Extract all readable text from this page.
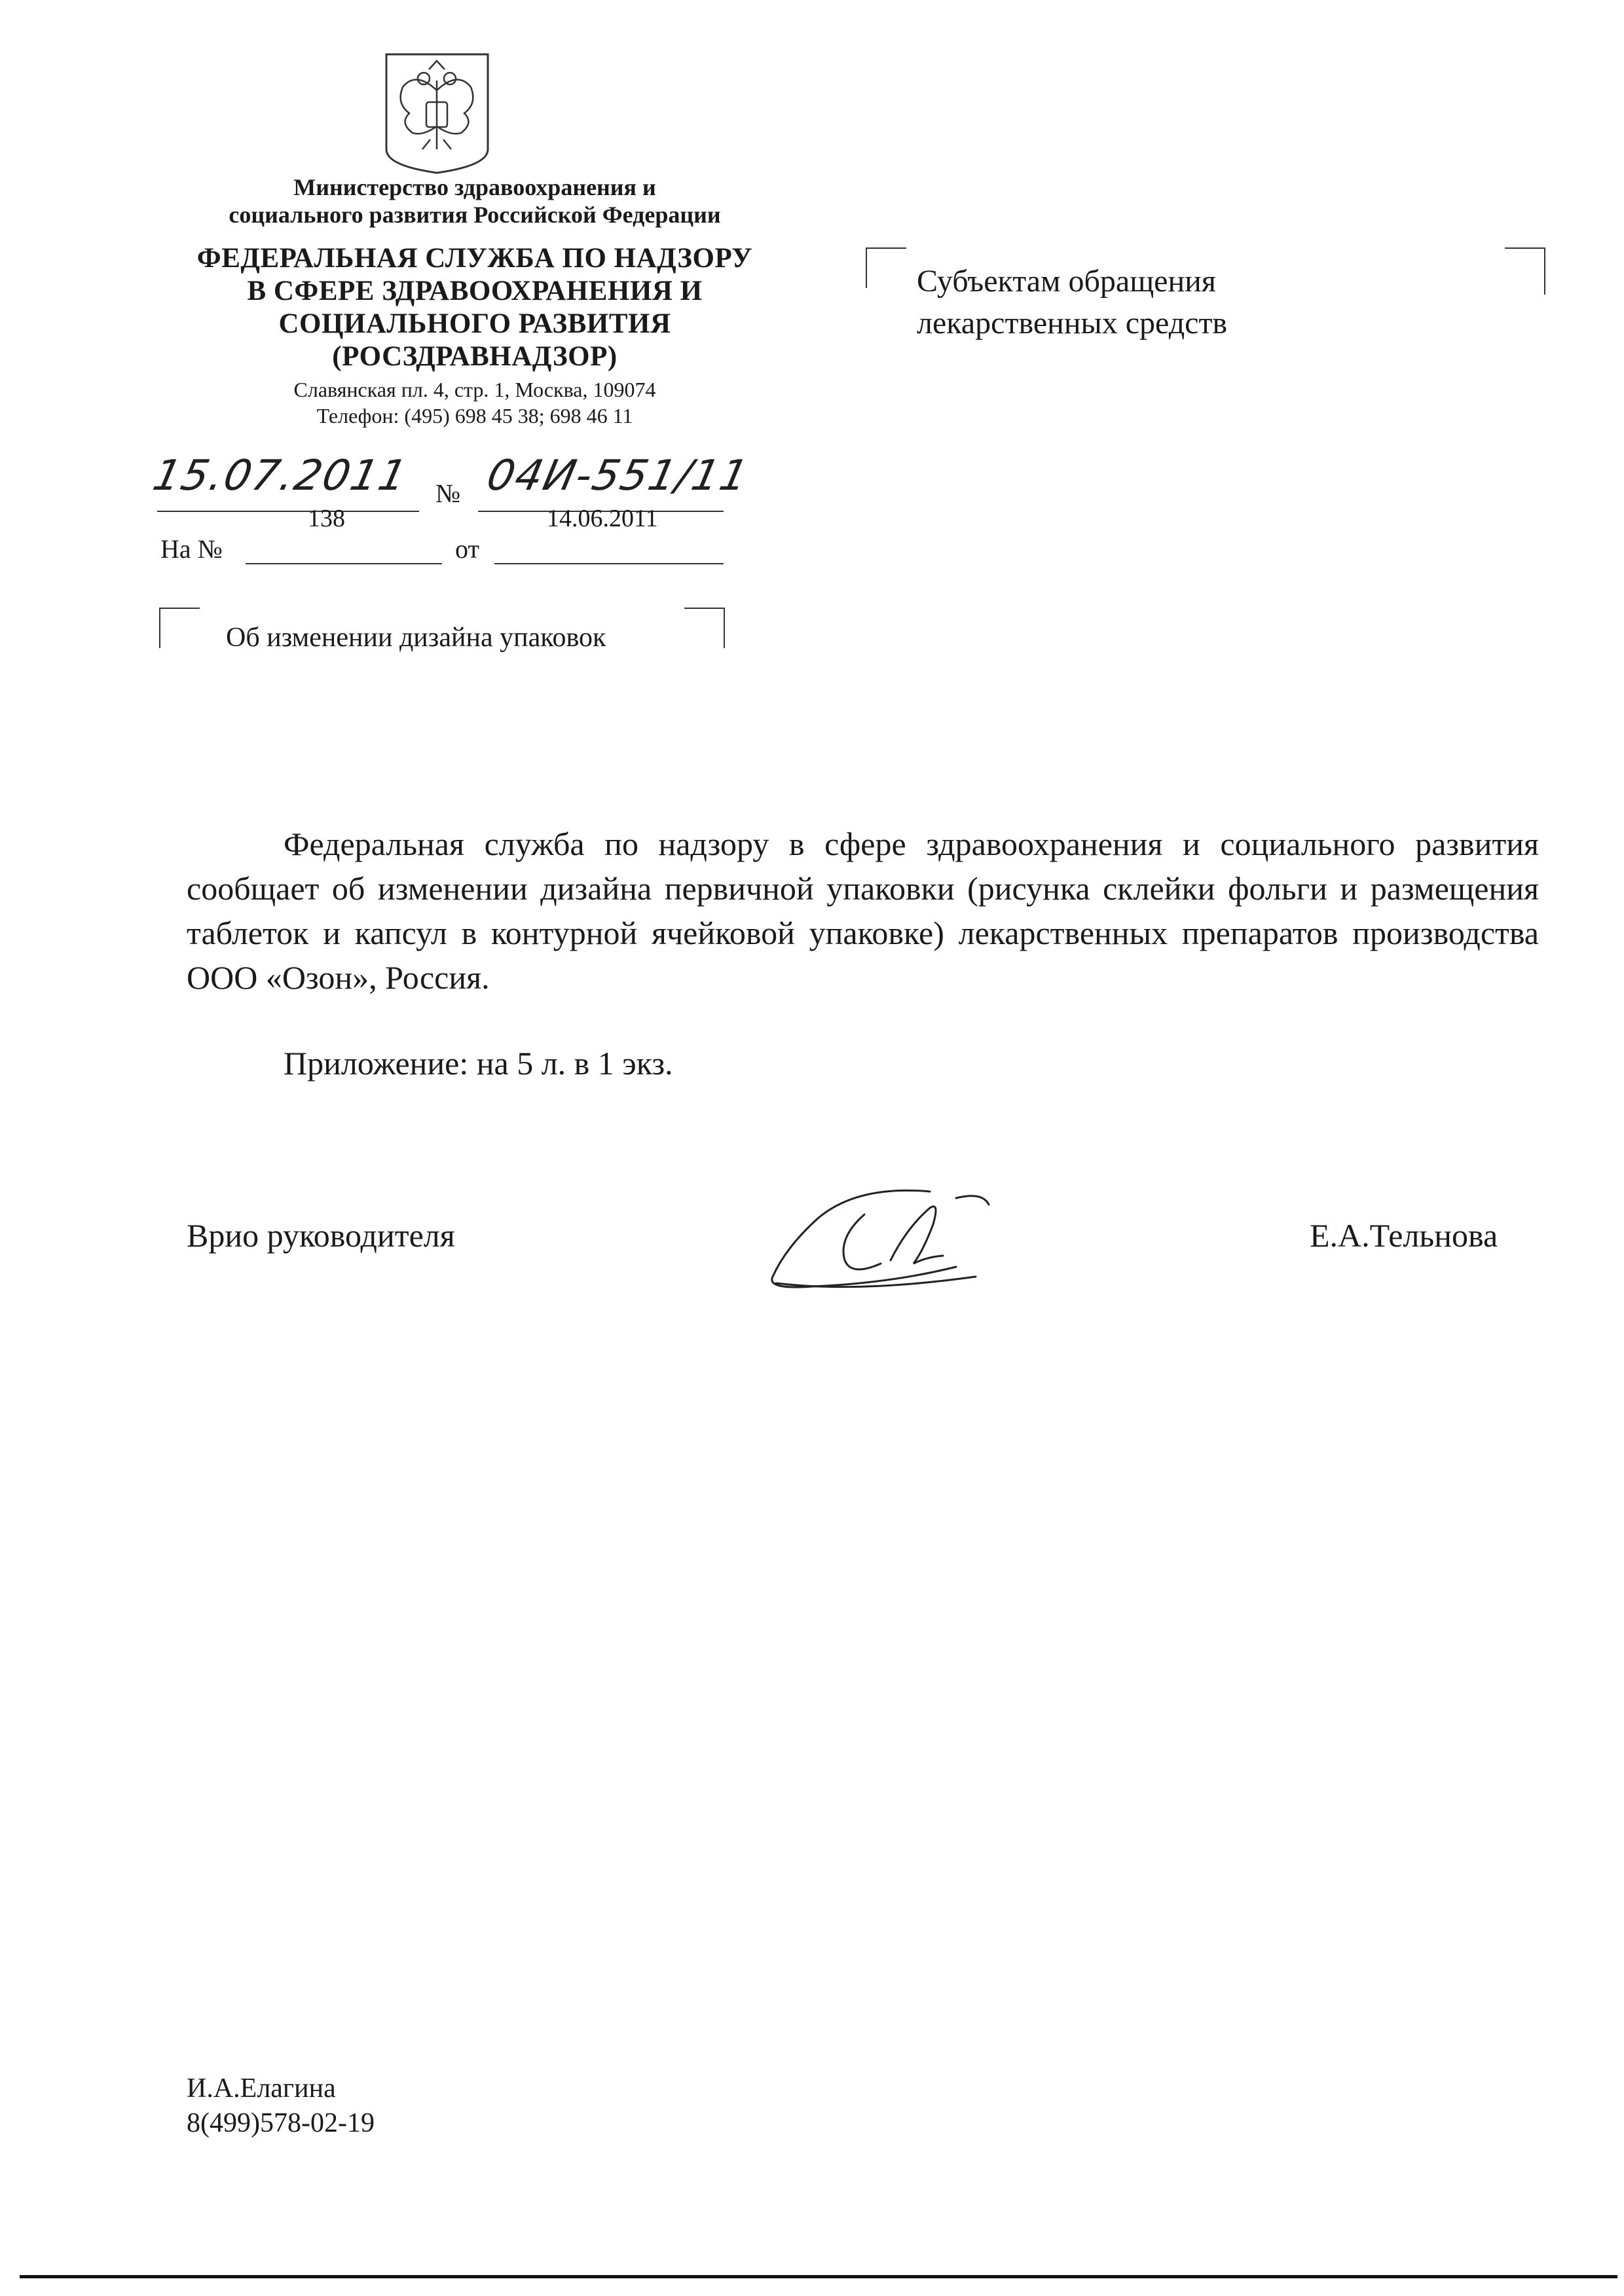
Министерство здравоохранения и
социального развития Российской Федерации
ФЕДЕРАЛЬНАЯ СЛУЖБА ПО НАДЗОРУ
В СФЕРЕ ЗДРАВООХРАНЕНИЯ И
СОЦИАЛЬНОГО РАЗВИТИЯ
(РОСЗДРАВНАДЗОР)
Славянская пл. 4, стр. 1, Москва, 109074
Телефон: (495) 698 45 38; 698 46 11
15.07.2011
138
№ 04И-551/11
14.06.2011
На №	от
Об изменении дизайна упаковок
Субъектам обращения
лекарственных средств

Федеральная служба по надзору в сфере здравоохранения и социального развития сообщает об изменении дизайна первичной упаковки (рисунка склейки фольги и размещения таблеток и капсул в контурной ячейковой упаковке) лекарственных препаратов производства ООО «Озон», Россия.

Приложение: на 5 л. в 1 экз.
Врио руководителя	Е.А.Тельнова
И.А.Елагина
8(499)578-02-19
